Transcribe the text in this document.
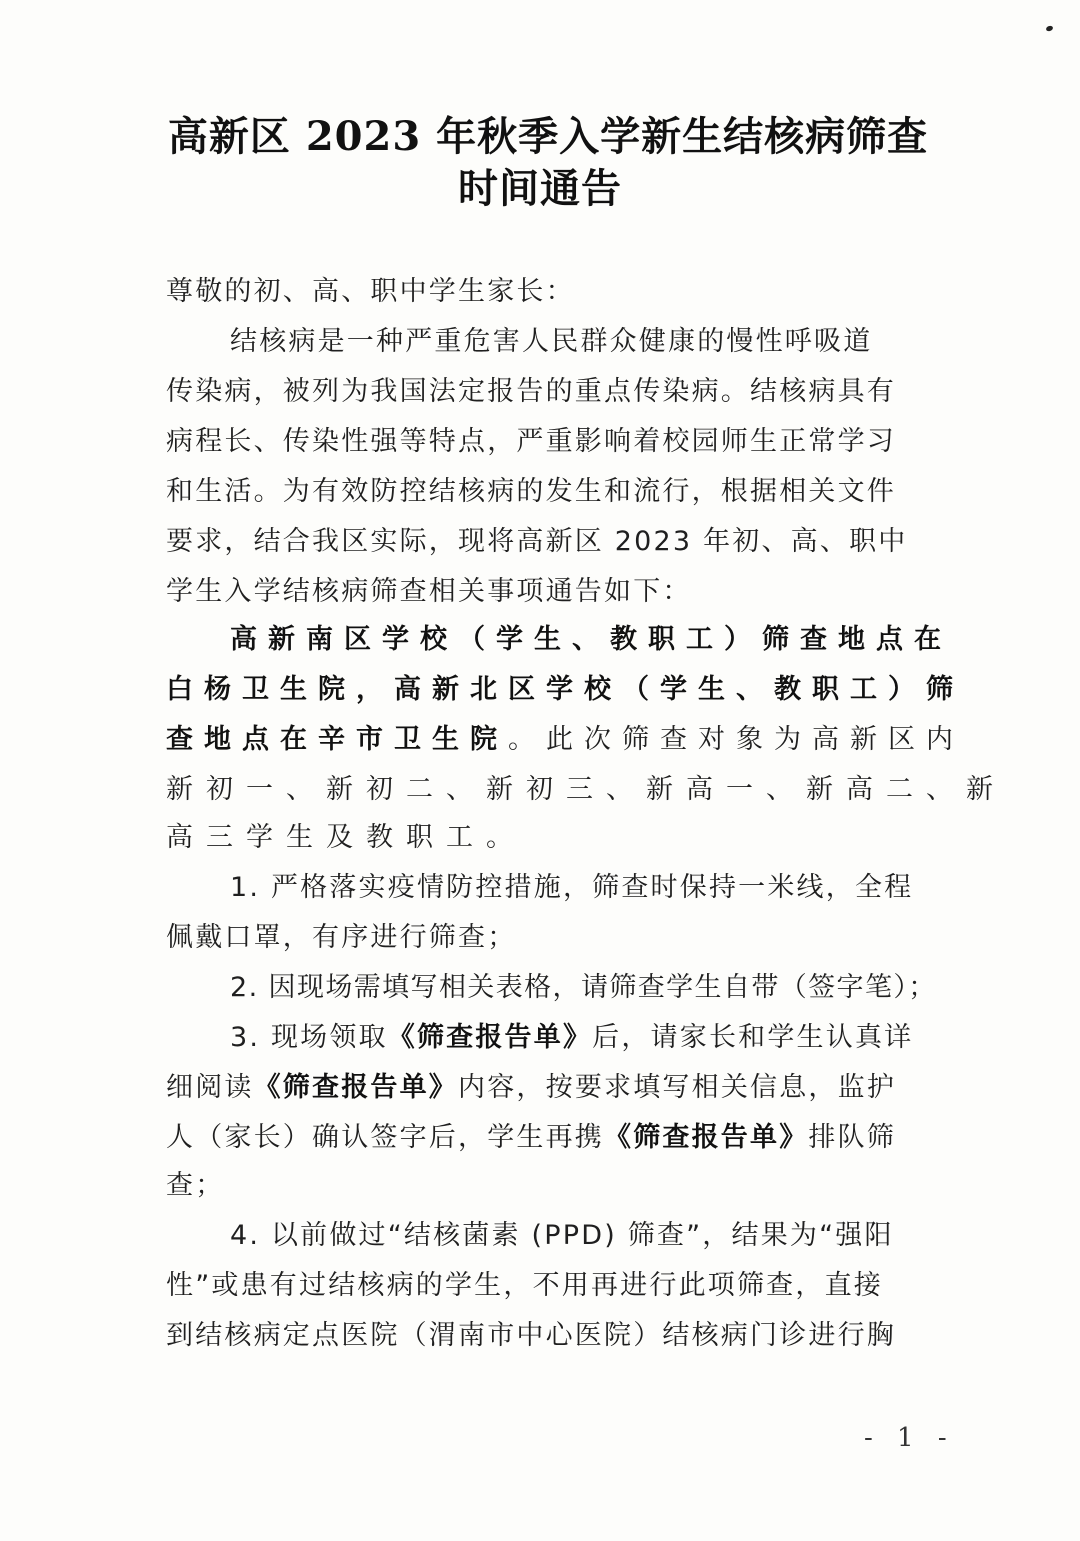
高新区 2023 年秋季入学新生结核病筛查
时间通告
尊敬的初、高、职中学生家长：
结核病是一种严重危害人民群众健康的慢性呼吸道
传染病，被列为我国法定报告的重点传染病。结核病具有
病程长、传染性强等特点，严重影响着校园师生正常学习
和生活。为有效防控结核病的发生和流行，根据相关文件
要求，结合我区实际，现将高新区 2023 年初、高、职中
学生入学结核病筛查相关事项通告如下：
高新南区学校（学生、教职工）筛查地点在
白杨卫生院，高新北区学校（学生、教职工）筛
查地点在辛市卫生院。此次筛查对象为高新区内
新初一、新初二、新初三、新高一、新高二、新
高三学生及教职工。
1. 严格落实疫情防控措施，筛查时保持一米线，全程
佩戴口罩，有序进行筛查；
2. 因现场需填写相关表格，请筛查学生自带（签字笔）；
3. 现场领取《筛查报告单》后，请家长和学生认真详
细阅读《筛查报告单》内容，按要求填写相关信息，监护
人（家长）确认签字后，学生再携《筛查报告单》排队筛
查；
4. 以前做过“结核菌素 (PPD) 筛查”，结果为“强阳
性”或患有过结核病的学生，不用再进行此项筛查，直接
到结核病定点医院（渭南市中心医院）结核病门诊进行胸
- 1 -
